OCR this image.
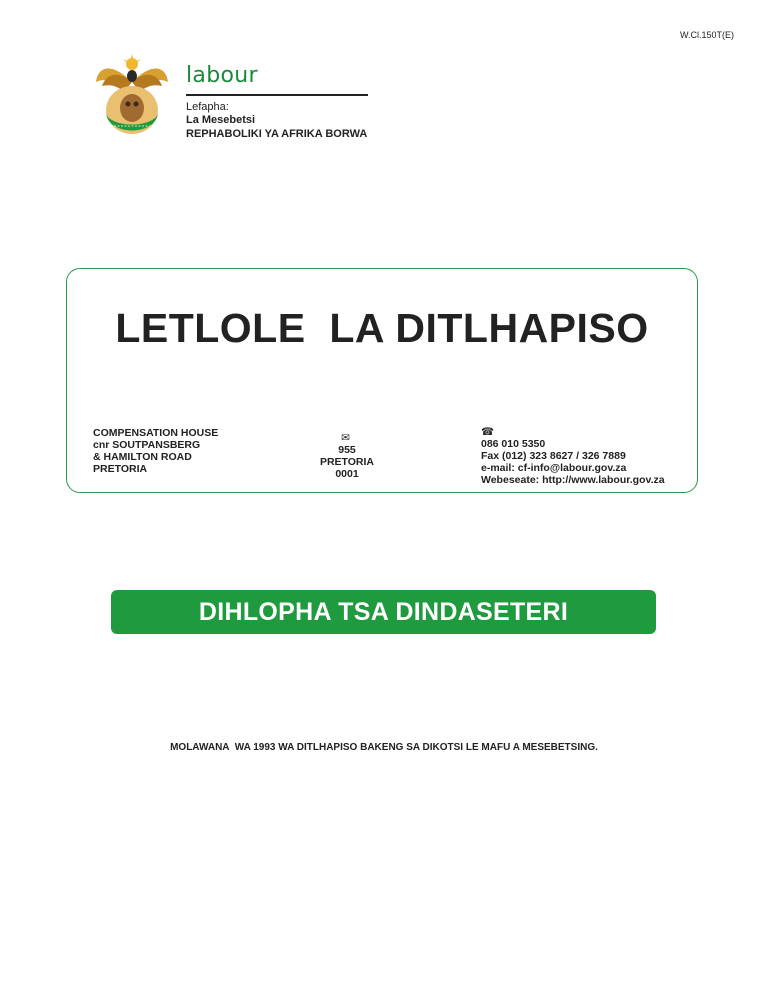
W.Cl.150T(E)
labour
Lefapha:
La Mesebetsi
REPHABOLIKI YA AFRIKA BORWA
LETLOLE  LA DITLHAPISO
COMPENSATION HOUSE
cnr SOUTPANSBERG
& HAMILTON ROAD
PRETORIA
✉
955
PRETORIA
0001
☎
086 010 5350
Fax (012) 323 8627 / 326 7889
e-mail: cf-info@labour.gov.za
Webeseate: http://www.labour.gov.za
DIHLOPHA TSA DINDASETERI
MOLAWANA  WA 1993 WA DITLHAPISO BAKENG SA DIKOTSI LE MAFU A MESEBETSING.
